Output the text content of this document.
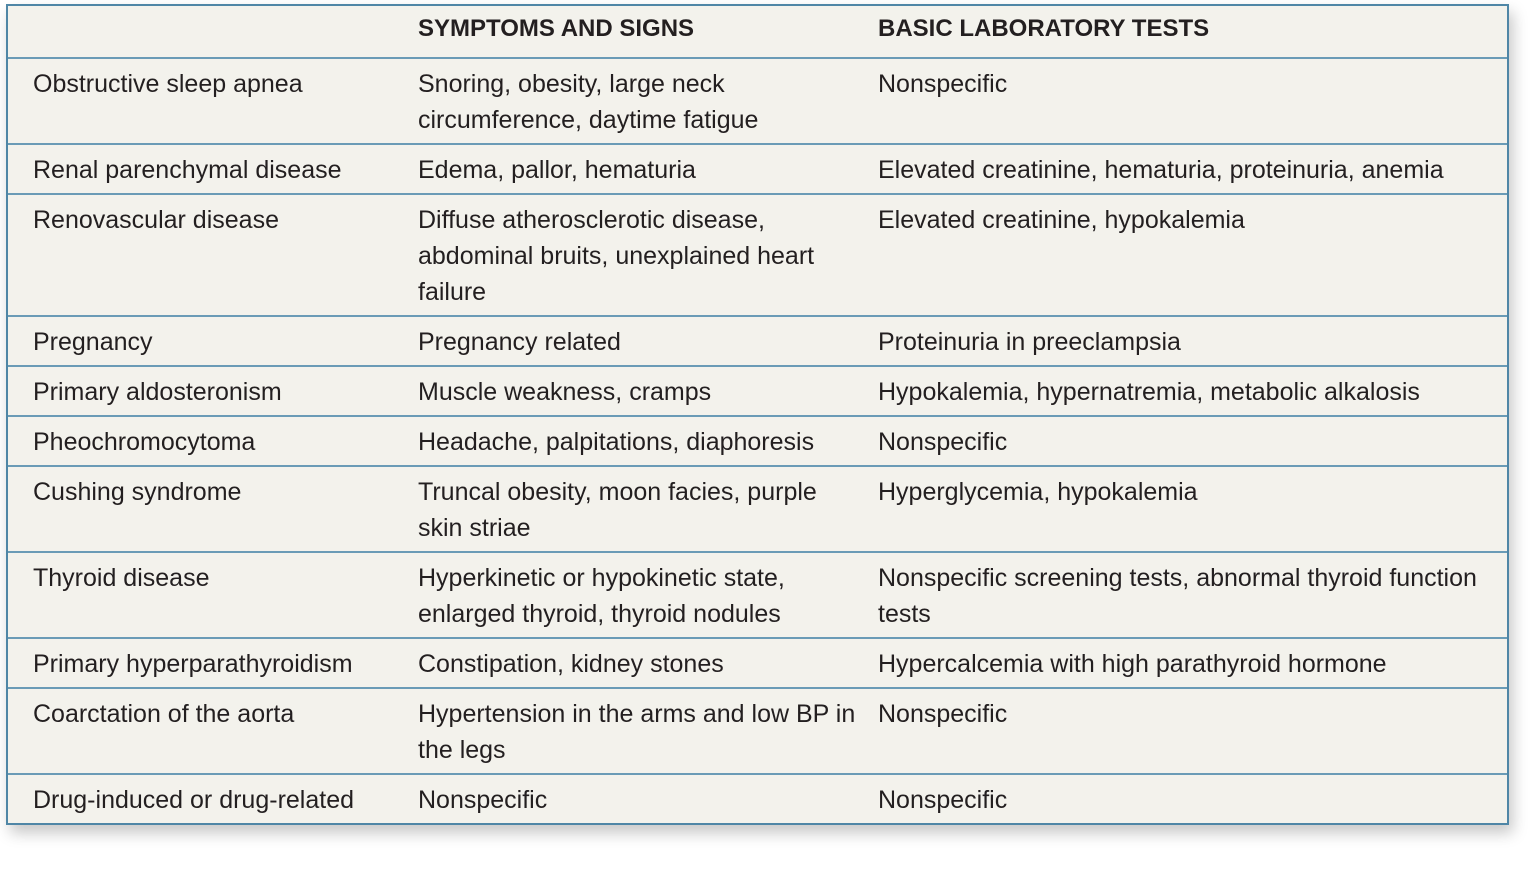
	SYMPTOMS AND SIGNS	BASIC LABORATORY TESTS
Obstructive sleep apnea	Snoring, obesity, large neck circumference, daytime fatigue	Nonspecific
Renal parenchymal disease	Edema, pallor, hematuria	Elevated creatinine, hematuria, proteinuria, anemia
Renovascular disease	Diffuse atherosclerotic disease, abdominal bruits, unexplained heart failure	Elevated creatinine, hypokalemia
Pregnancy	Pregnancy related	Proteinuria in preeclampsia
Primary aldosteronism	Muscle weakness, cramps	Hypokalemia, hypernatremia, metabolic alkalosis
Pheochromocytoma	Headache, palpitations, diaphoresis	Nonspecific
Cushing syndrome	Truncal obesity, moon facies, purple skin striae	Hyperglycemia, hypokalemia
Thyroid disease	Hyperkinetic or hypokinetic state, enlarged thyroid, thyroid nodules	Nonspecific screening tests, abnormal thyroid function tests
Primary hyperparathyroidism	Constipation, kidney stones	Hypercalcemia with high parathyroid hormone
Coarctation of the aorta	Hypertension in the arms and low BP in the legs	Nonspecific
Drug-induced or drug-related	Nonspecific	Nonspecific
